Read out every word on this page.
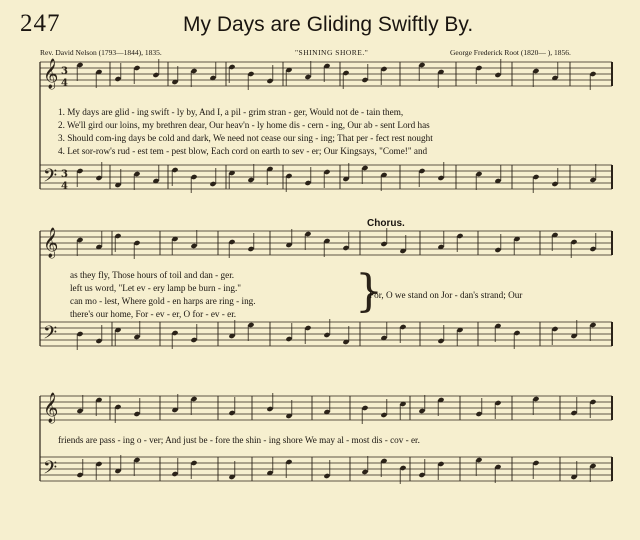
𝄞
𝄢
𝄞
𝄢
𝄞
𝄢
3
4
3
4
}
247	My Days are Gliding Swiftly By.
Rev. David Nelson (1793—1844), 1835.	"SHINING SHORE."	George Frederick Root (1820— ), 1856.
1. My days are glid - ing swift - ly by, And I, a pil - grim stran - ger, Would not de - tain them,
2. We'll gird our loins, my brethren dear, Our heav'n - ly home dis - cern - ing, Our ab - sent Lord has
3. Should com-ing days be cold and dark, We need not cease our sing - ing; That per - fect rest nought
4. Let sor-row's rud - est tem - pest blow, Each cord on earth to sev - er; Our Kingsays, "Come!" and
as they fly, Those hours of toil and dan - ger.
left us word, "Let ev - ery lamp be burn - ing."
can mo - lest, Where gold - en harps are ring - ing.
there's our home, For - ev - er, O for - ev - er.
Chorus.
For, O we stand on Jor - dan's strand; Our
friends are pass - ing o - ver; And just be - fore the shin - ing shore We may al - most dis - cov - er.
